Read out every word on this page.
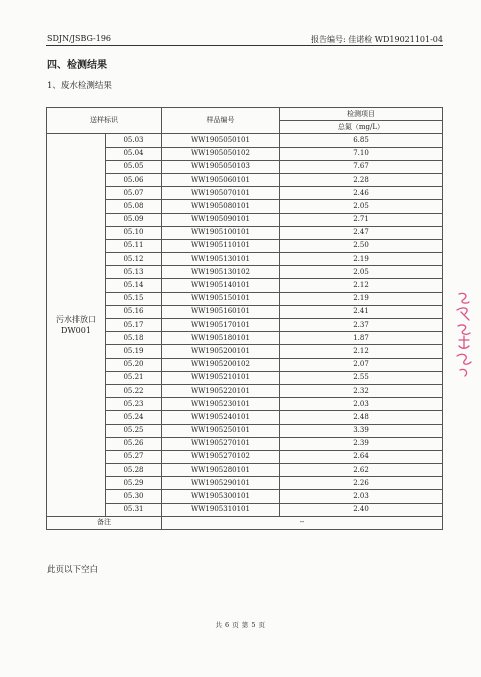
SDJN/JSBG-196	报告编号: 佳诺检 WD19021101-04
四、检测结果
1、废水检测结果
送样标识		样品编号	检测项目
			总氮（mg/L）

污水排放口
DW001	05.03	WW1905050101	6.85
	05.04	WW1905050102	7.10
	05.05	WW1905050103	7.67
	05.06	WW1905060101	2.28
	05.07	WW1905070101	2.46
	05.08	WW1905080101	2.05
	05.09	WW1905090101	2.71
	05.10	WW1905100101	2.47
	05.11	WW1905110101	2.50
	05.12	WW1905130101	2.19
	05.13	WW1905130102	2.05
	05.14	WW1905140101	2.12
	05.15	WW1905150101	2.19
	05.16	WW1905160101	2.41
	05.17	WW1905170101	2.37
	05.18	WW1905180101	1.87
	05.19	WW1905200101	2.12
	05.20	WW1905200102	2.07
	05.21	WW1905210101	2.55
	05.22	WW1905220101	2.32
	05.23	WW1905230101	2.03
	05.24	WW1905240101	2.48
	05.25	WW1905250101	3.39
	05.26	WW1905270101	2.39
	05.27	WW1905270102	2.64
	05.28	WW1905280101	2.62
	05.29	WW1905290101	2.26
	05.30	WW1905300101	2.03
	05.31	WW1905310101	2.40
备注		--	
此页以下空白
共 6 页 第 5 页
